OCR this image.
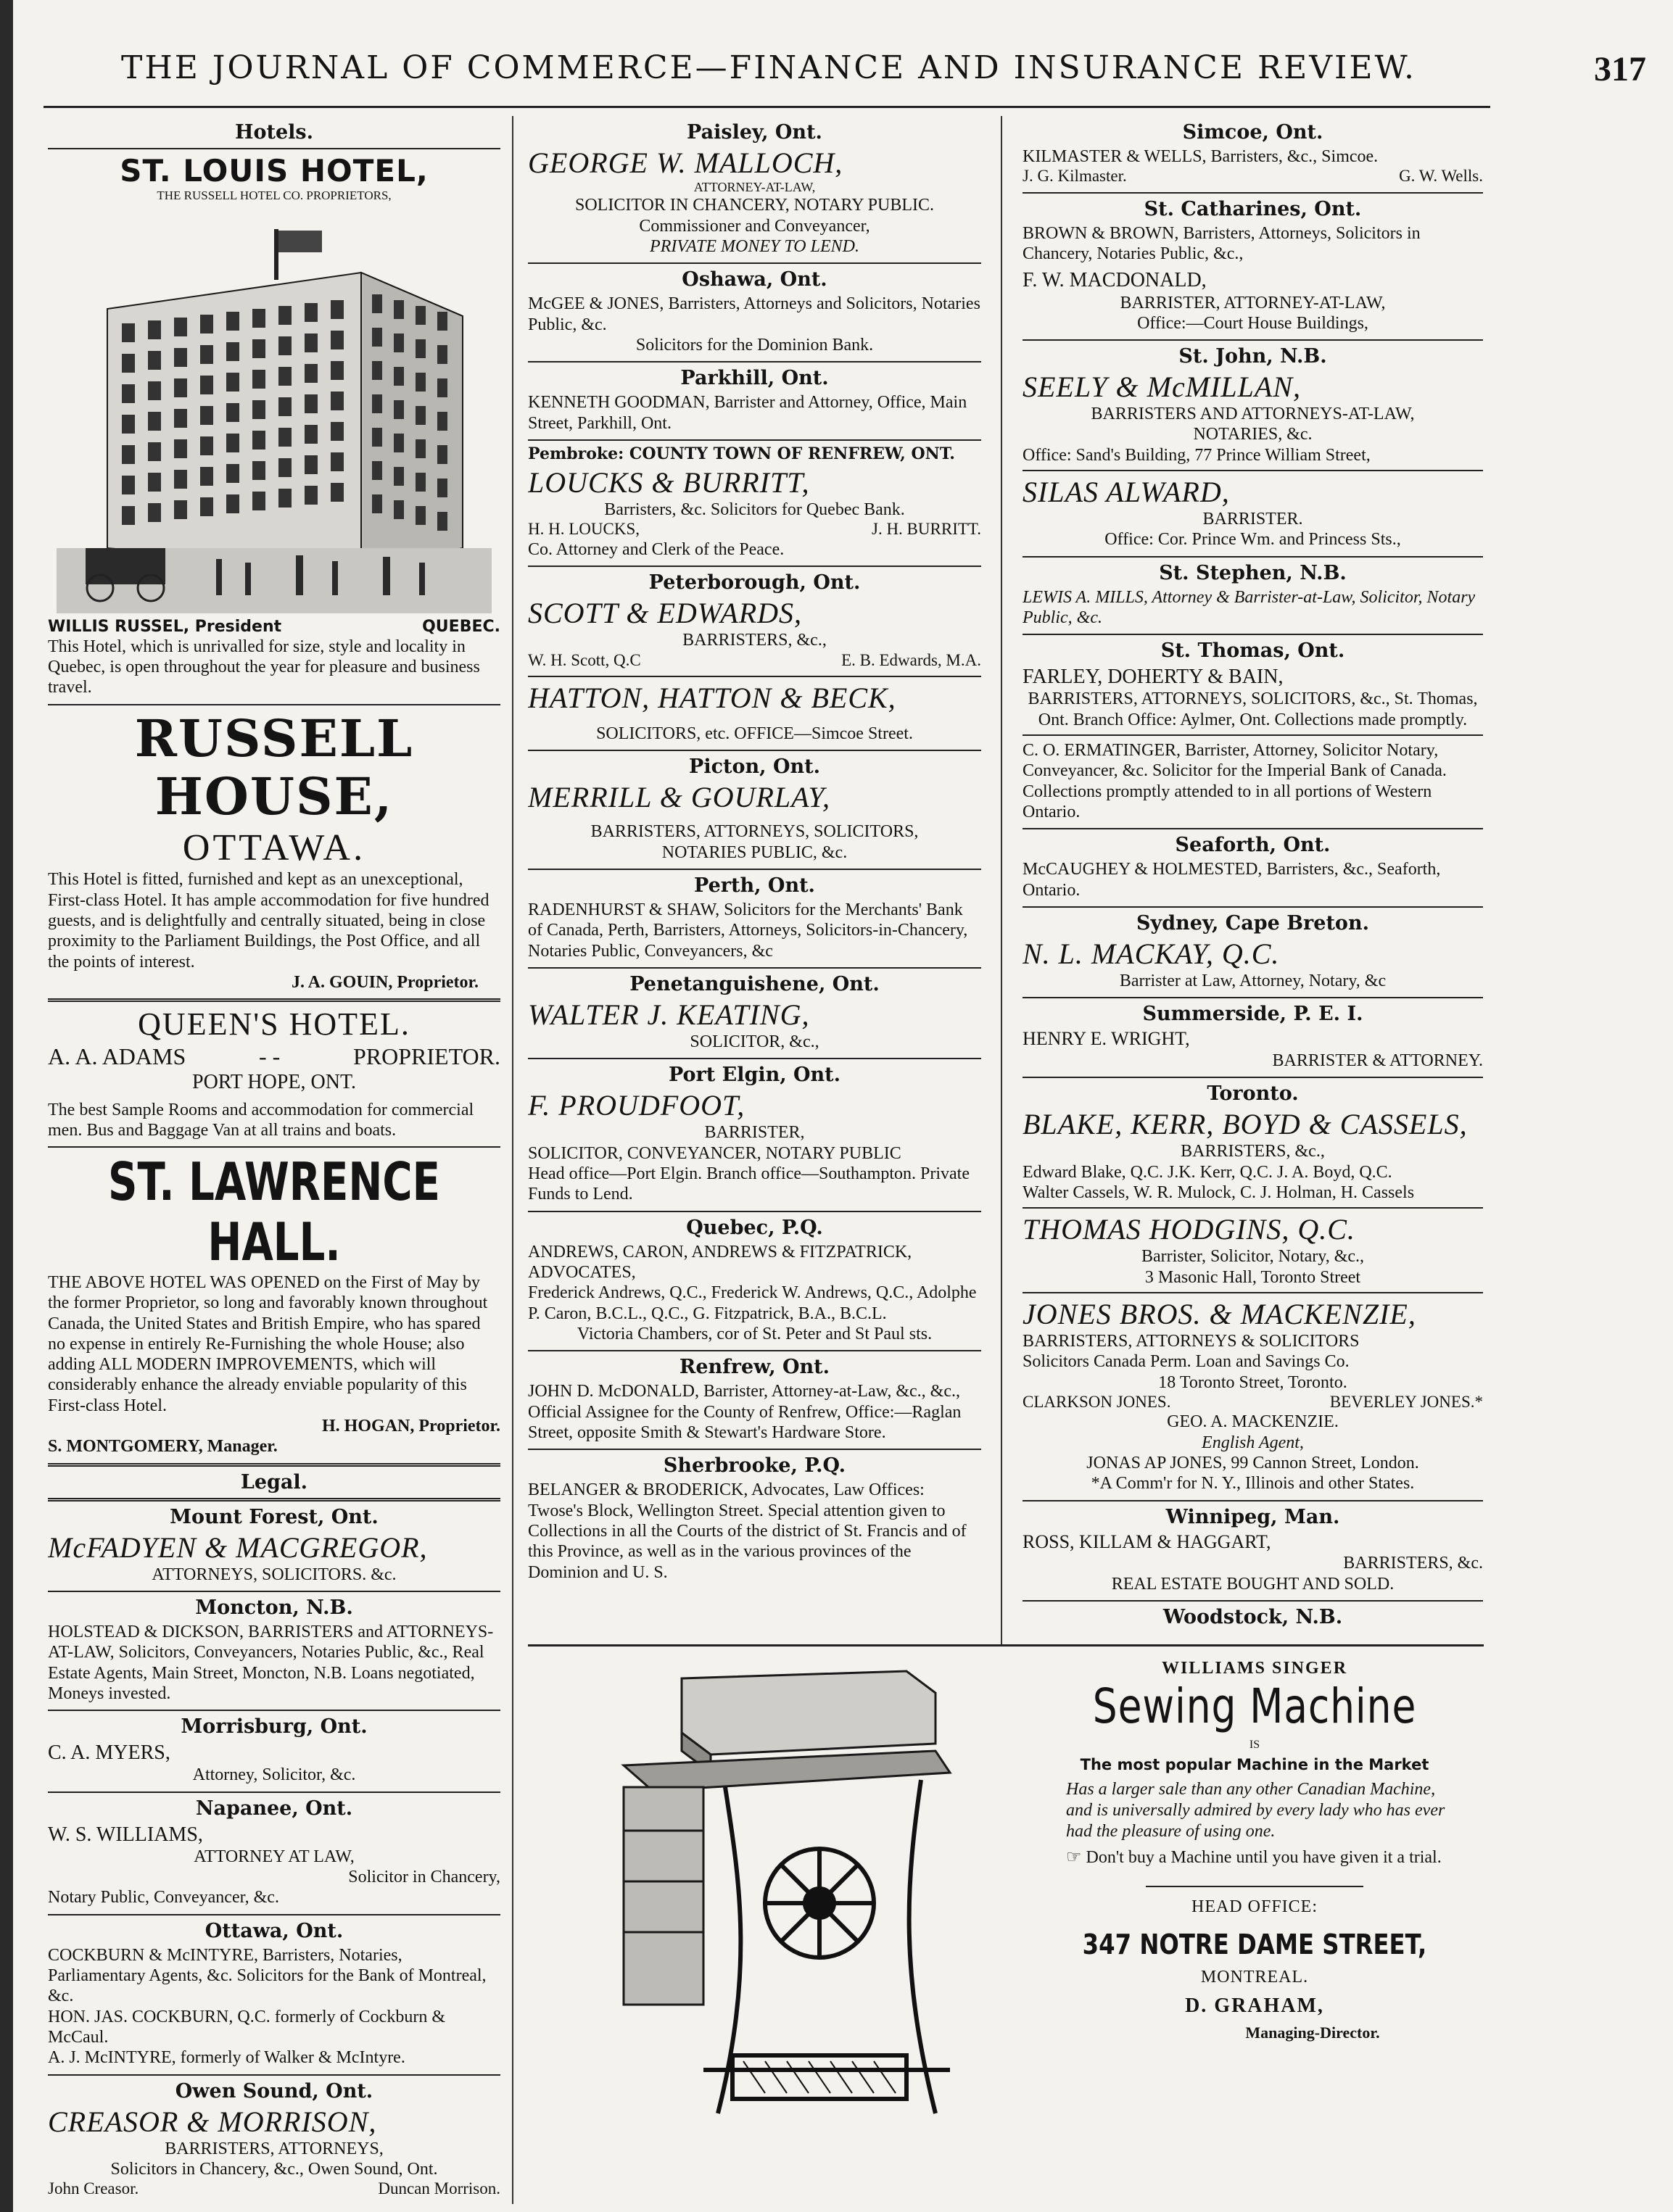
THE JOURNAL OF COMMERCE—FINANCE AND INSURANCE REVIEW.	317
Hotels.
ST. LOUIS HOTEL,
THE RUSSELL HOTEL CO. PROPRIETORS,
WILLIS RUSSEL, President	QUEBEC.
This Hotel, which is unrivalled for size, style and locality in Quebec, is open throughout the year for pleasure and business travel.
RUSSELL HOUSE,
OTTAWA.
This Hotel is fitted, furnished and kept as an unexceptional, First-class Hotel. It has ample accommodation for five hundred guests, and is delightfully and centrally situated, being in close proximity to the Parliament Buildings, the Post Office, and all the points of interest.
J. A. GOUIN, Proprietor.
QUEEN'S HOTEL.
A. A. ADAMS	- -	PROPRIETOR.
PORT HOPE, ONT.
The best Sample Rooms and accommodation for commercial men. Bus and Baggage Van at all trains and boats.
ST. LAWRENCE HALL.
THE ABOVE HOTEL WAS OPENED on the First of May by the former Proprietor, so long and favorably known throughout Canada, the United States and British Empire, who has spared no expense in entirely Re-Furnishing the whole House; also adding ALL MODERN IMPROVEMENTS, which will considerably enhance the already enviable popularity of this First-class Hotel.
H. HOGAN, Proprietor.
S. MONTGOMERY, Manager.
Legal.
Mount Forest, Ont.
McFADYEN & MACGREGOR,
ATTORNEYS, SOLICITORS. &c.
Moncton, N.B.
HOLSTEAD & DICKSON, BARRISTERS and ATTORNEYS-AT-LAW, Solicitors, Conveyancers, Notaries Public, &c., Real Estate Agents, Main Street, Moncton, N.B. Loans negotiated, Moneys invested.
Morrisburg, Ont.
C. A. MYERS,
Attorney, Solicitor, &c.
Napanee, Ont.
W. S. WILLIAMS,
ATTORNEY AT LAW,
Solicitor in Chancery,
Notary Public, Conveyancer, &c.
Ottawa, Ont.
COCKBURN & McINTYRE, Barristers, Notaries, Parliamentary Agents, &c. Solicitors for the Bank of Montreal, &c.
HON. JAS. COCKBURN, Q.C. formerly of Cockburn & McCaul.
A. J. McINTYRE, formerly of Walker & McIntyre.
Owen Sound, Ont.
CREASOR & MORRISON,
BARRISTERS, ATTORNEYS,
Solicitors in Chancery, &c., Owen Sound, Ont.
John Creasor.	Duncan Morrison.
Paisley, Ont.
GEORGE W. MALLOCH,
ATTORNEY-AT-LAW,
SOLICITOR IN CHANCERY, NOTARY PUBLIC.
Commissioner and Conveyancer,
PRIVATE MONEY TO LEND.
Oshawa, Ont.
McGEE & JONES, Barristers, Attorneys and Solicitors, Notaries Public, &c.
Solicitors for the Dominion Bank.
Parkhill, Ont.
KENNETH GOODMAN, Barrister and Attorney, Office, Main Street, Parkhill, Ont.
Pembroke: COUNTY TOWN OF RENFREW, ONT.
LOUCKS & BURRITT,
Barristers, &c. Solicitors for Quebec Bank.
H. H. LOUCKS,	J. H. BURRITT.
Co. Attorney and Clerk of the Peace.
Peterborough, Ont.
SCOTT & EDWARDS,
BARRISTERS, &c.,
W. H. Scott, Q.C	E. B. Edwards, M.A.
HATTON, HATTON & BECK,
SOLICITORS, etc. OFFICE—Simcoe Street.
Picton, Ont.
MERRILL & GOURLAY,
BARRISTERS, ATTORNEYS, SOLICITORS,
NOTARIES PUBLIC, &c.
Perth, Ont.
RADENHURST & SHAW, Solicitors for the Merchants' Bank of Canada, Perth, Barristers, Attorneys, Solicitors-in-Chancery, Notaries Public, Conveyancers, &c
Penetanguishene, Ont.
WALTER J. KEATING,
SOLICITOR, &c.,
Port Elgin, Ont.
F. PROUDFOOT,
BARRISTER,
SOLICITOR, CONVEYANCER, NOTARY PUBLIC
Head office—Port Elgin. Branch office—Southampton. Private Funds to Lend.
Quebec, P.Q.
ANDREWS, CARON, ANDREWS & FITZPATRICK, ADVOCATES,
Frederick Andrews, Q.C., Frederick W. Andrews, Q.C., Adolphe P. Caron, B.C.L., Q.C., G. Fitzpatrick, B.A., B.C.L.
Victoria Chambers, cor of St. Peter and St Paul sts.
Renfrew, Ont.
JOHN D. McDONALD, Barrister, Attorney-at-Law, &c., &c., Official Assignee for the County of Renfrew, Office:—Raglan Street, opposite Smith & Stewart's Hardware Store.
Sherbrooke, P.Q.
BELANGER & BRODERICK, Advocates, Law Offices: Twose's Block, Wellington Street. Special attention given to Collections in all the Courts of the district of St. Francis and of this Province, as well as in the various provinces of the Dominion and U. S.
Simcoe, Ont.
KILMASTER & WELLS, Barristers, &c., Simcoe.
J. G. Kilmaster.	G. W. Wells.
St. Catharines, Ont.
BROWN & BROWN, Barristers, Attorneys, Solicitors in Chancery, Notaries Public, &c.,
F. W. MACDONALD,
BARRISTER, ATTORNEY-AT-LAW,
Office:—Court House Buildings,
St. John, N.B.
SEELY & McMILLAN,
BARRISTERS AND ATTORNEYS-AT-LAW,
NOTARIES, &c.
Office: Sand's Building, 77 Prince William Street,
SILAS ALWARD,
BARRISTER.
Office: Cor. Prince Wm. and Princess Sts.,
St. Stephen, N.B.
LEWIS A. MILLS, Attorney & Barrister-at-Law, Solicitor, Notary Public, &c.
St. Thomas, Ont.
FARLEY, DOHERTY & BAIN,
BARRISTERS, ATTORNEYS, SOLICITORS, &c., St. Thomas, Ont. Branch Office: Aylmer, Ont. Collections made promptly.
C. O. ERMATINGER, Barrister, Attorney, Solicitor Notary, Conveyancer, &c. Solicitor for the Imperial Bank of Canada. Collections promptly attended to in all portions of Western Ontario.
Seaforth, Ont.
McCAUGHEY & HOLMESTED, Barristers, &c., Seaforth, Ontario.
Sydney, Cape Breton.
N. L. MACKAY, Q.C.
Barrister at Law, Attorney, Notary, &c
Summerside, P. E. I.
HENRY E. WRIGHT,
BARRISTER & ATTORNEY.
Toronto.
BLAKE, KERR, BOYD & CASSELS,
BARRISTERS, &c.,
Edward Blake, Q.C. J.K. Kerr, Q.C. J. A. Boyd, Q.C.
Walter Cassels, W. R. Mulock, C. J. Holman, H. Cassels
THOMAS HODGINS, Q.C.
Barrister, Solicitor, Notary, &c.,
3 Masonic Hall, Toronto Street
JONES BROS. & MACKENZIE,
BARRISTERS, ATTORNEYS & SOLICITORS
Solicitors Canada Perm. Loan and Savings Co.
18 Toronto Street, Toronto.
CLARKSON JONES.	BEVERLEY JONES.*
GEO. A. MACKENZIE.
English Agent,
JONAS AP JONES, 99 Cannon Street, London.
*A Comm'r for N. Y., Illinois and other States.
Winnipeg, Man.
ROSS, KILLAM & HAGGART,
BARRISTERS, &c.
REAL ESTATE BOUGHT AND SOLD.
Woodstock, N.B.
WILLIAMS SINGER
Sewing Machine
IS
The most popular Machine in the Market
Has a larger sale than any other Canadian Machine, and is universally admired by every lady who has ever had the pleasure of using one.
☞ Don't buy a Machine until you have given it a trial.
HEAD OFFICE:
347 NOTRE DAME STREET,
MONTREAL.
D. GRAHAM,
Managing-Director.
